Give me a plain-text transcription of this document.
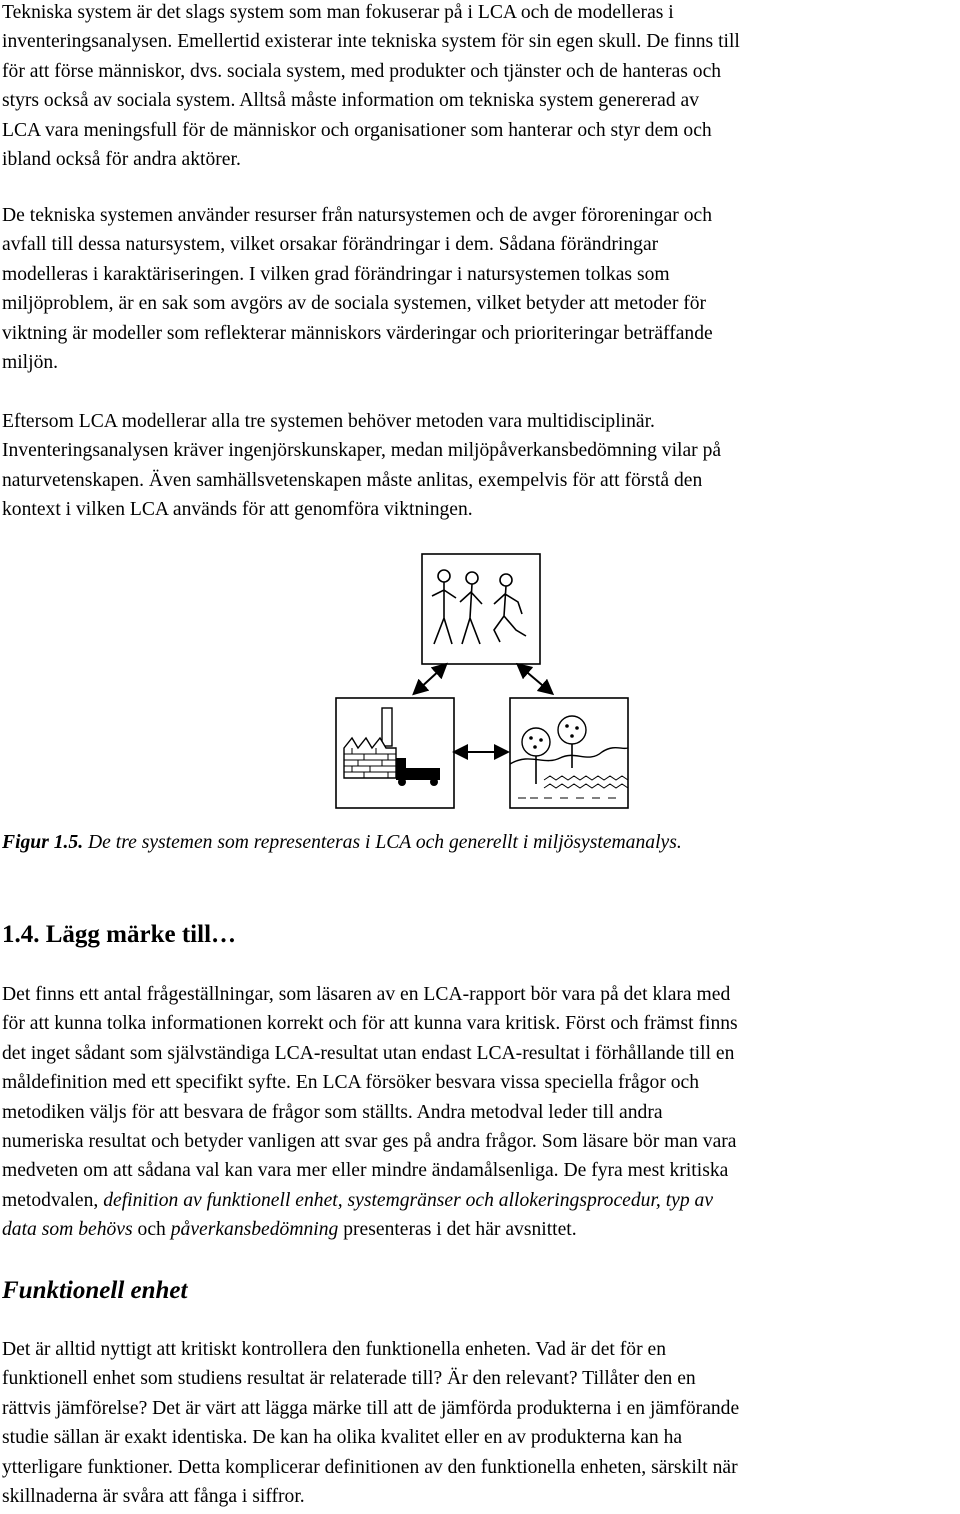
Tekniska system är det slags system som man fokuserar på i LCA och de modelleras i
inventeringsanalysen. Emellertid existerar inte tekniska system för sin egen skull. De finns till
för att förse människor, dvs. sociala system, med produkter och tjänster och de hanteras och
styrs också av sociala system. Alltså måste information om tekniska system genererad av
LCA vara meningsfull för de människor och organisationer som hanterar och styr dem och
ibland också för andra aktörer.

De tekniska systemen använder resurser från natursystemen och de avger föroreningar och
avfall till dessa natursystem, vilket orsakar förändringar i dem. Sådana förändringar
modelleras i karaktäriseringen. I vilken grad förändringar i natursystemen tolkas som
miljöproblem, är en sak som avgörs av de sociala systemen, vilket betyder att metoder för
viktning är modeller som reflekterar människors värderingar och prioriteringar beträffande
miljön.

Eftersom LCA modellerar alla tre systemen behöver metoden vara multidisciplinär.
Inventeringsanalysen kräver ingenjörskunskaper, medan miljöpåverkansbedömning vilar på
naturvetenskapen. Även samhällsvetenskapen måste anlitas, exempelvis för att förstå den
kontext i vilken LCA används för att genomföra viktningen.

Figur 1.5. De tre systemen som representeras i LCA och generellt i miljösystemanalys.
1.4. Lägg märke till…

Det finns ett antal frågeställningar, som läsaren av en LCA-rapport bör vara på det klara med
för att kunna tolka informationen korrekt och för att kunna vara kritisk. Först och främst finns
det inget sådant som självständiga LCA-resultat utan endast LCA-resultat i förhållande till en
måldefinition med ett specifikt syfte. En LCA försöker besvara vissa speciella frågor och
metodiken väljs för att besvara de frågor som ställts. Andra metodval leder till andra
numeriska resultat och betyder vanligen att svar ges på andra frågor. Som läsare bör man vara
medveten om att sådana val kan vara mer eller mindre ändamålsenliga. De fyra mest kritiska
metodvalen, definition av funktionell enhet, systemgränser och allokeringsprocedur, typ av
data som behövs och påverkansbedömning presenteras i det här avsnittet.

Funktionell enhet

Det är alltid nyttigt att kritiskt kontrollera den funktionella enheten. Vad är det för en
funktionell enhet som studiens resultat är relaterade till? Är den relevant? Tillåter den en
rättvis jämförelse? Det är värt att lägga märke till att de jämförda produkterna i en jämförande
studie sällan är exakt identiska. De kan ha olika kvalitet eller en av produkterna kan ha
ytterligare funktioner. Detta komplicerar definitionen av den funktionella enheten, särskilt när
skillnaderna är svåra att fånga i siffror.
